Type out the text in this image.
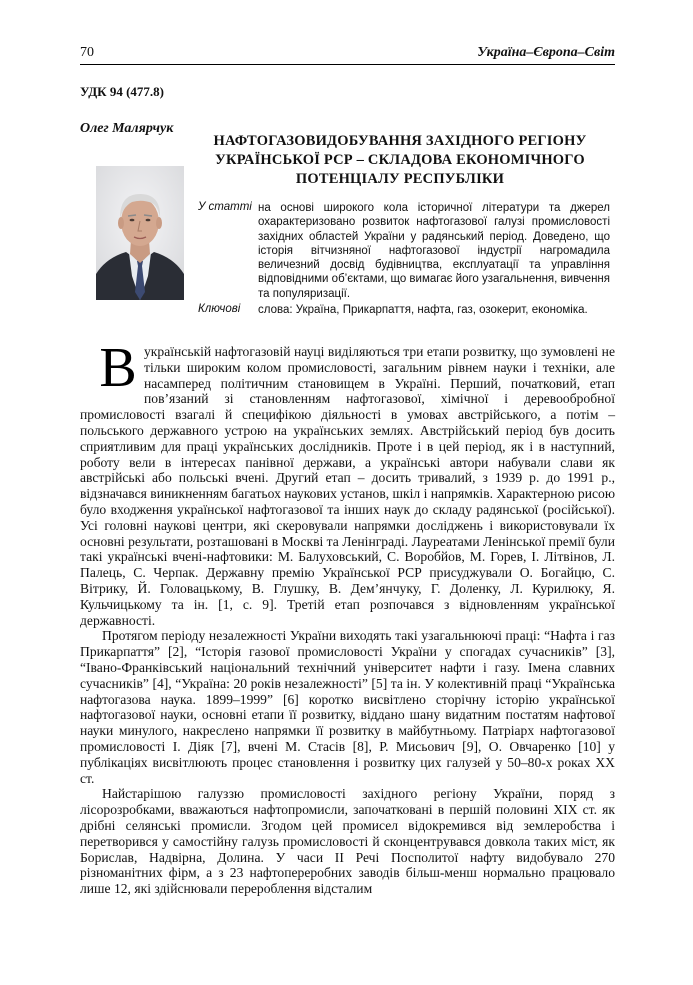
70	Україна–Європа–Світ
УДК 94 (477.8)
Олег Малярчук
НАФТОГАЗОВИДОБУВАННЯ ЗАХІДНОГО РЕГІОНУ
УКРАЇНСЬКОЇ РСР – СКЛАДОВА ЕКОНОМІЧНОГО
ПОТЕНЦІАЛУ РЕСПУБЛІКИ
У статті на основі широкого кола історичної літератури та джерел охарактеризовано розвиток нафтогазової галузі промисловості західних областей України у радянський період. Доведено, що історія вітчизняної нафтогазової індустрії нагромадила величезний досвід будівництва, експлуатації та управління відповідними об’єктами, що вимагає його узагальнення, вивчення та популяризації.
Ключові слова: Україна, Прикарпаття, нафта, газ, озокерит, економіка.

Вукраїнській нафтогазовій науці виділяються три етапи розвитку, що зумовлені не тільки широким колом промисловості, загальним рівнем науки і техніки, але насамперед політичним становищем в Україні. Перший, початковий, етап пов’язаний зі становленням нафтогазової, хімічної і деревообробної промисловості взагалі й специфікою діяльності в умовах австрійського, а потім – польського державного устрою на українських землях. Австрійський період був досить сприятливим для праці українських дослідників. Проте і в цей період, як і в наступний, роботу вели в інтересах панівної держави, а українські автори набували слави як австрійські або польські вчені. Другий етап – досить тривалий, з 1939 р. до 1991 р., відзначався виникненням багатьох наукових установ, шкіл і напрямків. Характерною рисою було входження української нафтогазової та інших наук до складу радянської (російської). Усі головні наукові центри, які скеровували напрямки досліджень і використовували їх основні результати, розташовані в Москві та Ленінграді. Лауреатами Ленінської премії були такі українські вчені-нафтовики: М. Балуховський, С. Воробйов, М. Горев, І. Літвінов, Л. Палець, С. Черпак. Державну премію Української РСР присуджували О. Богайцю, С. Вітрику, Й. Головацькому, В. Глушку, В. Дем’янчуку, Г. Доленку, Л. Курилюку, Я. Кульчицькому та ін. [1, с. 9]. Третій етап розпочався з відновленням української державності.

Протягом періоду незалежності України виходять такі узагальнюючі праці: “Нафта і газ Прикарпаття” [2], “Історія газової промисловості України у спогадах сучасників” [3], “Івано-Франківський національний технічний університет нафти і газу. Імена славних сучасників” [4], “Україна: 20 років незалежності” [5] та ін. У колективній праці “Українська нафтогазова наука. 1899–1999” [6] коротко висвітлено сторічну історію української нафтогазової науки, основні етапи її розвитку, віддано шану видатним постатям нафтової науки минулого, накреслено напрямки її розвитку в майбутньому. Патріарх нафтогазової промисловості І. Діяк [7], вчені М. Стасів [8], Р. Мисьович [9], О. Овчаренко [10] у публікаціях висвітлюють процес становлення і розвитку цих галузей у 50–80-х роках ХХ ст.

Найстарішою галуззю промисловості західного регіону України, поряд з лісорозробками, вважаються нафтопромисли, започатковані в першій половині ХІХ ст. як дрібні селянські промисли. Згодом цей промисел відокремився від землеробства і перетворився у самостійну галузь промисловості й сконцентрувався довкола таких міст, як Борислав, Надвірна, Долина. У часи ІІ Речі Посполитої нафту видобувало 270 різноманітних фірм, а з 23 нафтопереробних заводів більш-менш нормально працювало лише 12, які здійснювали перероблення відсталим
